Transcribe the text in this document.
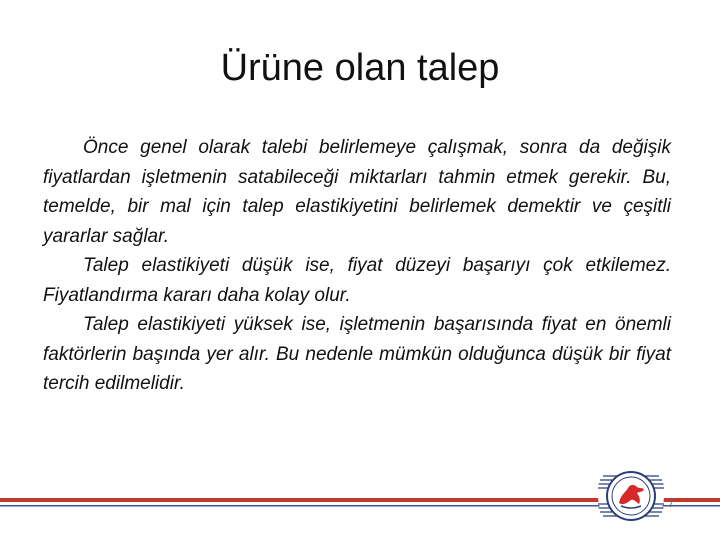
Ürüne olan talep

Önce genel olarak talebi belirlemeye çalışmak, sonra da değişik fiyatlardan işletmenin satabileceği miktarları tahmin etmek gerekir. Bu, temelde, bir mal için talep elastikiyetini belirlemek demektir ve çeşitli yararlar sağlar.

Talep elastikiyeti düşük ise, fiyat düzeyi başarıyı çok etkilemez. Fiyatlandırma kararı daha kolay olur.

Talep elastikiyeti yüksek ise, işletmenin başarısında fiyat en önemli faktörlerin başında yer alır. Bu nedenle mümkün olduğunca düşük bir fiyat tercih edilmelidir.

7
